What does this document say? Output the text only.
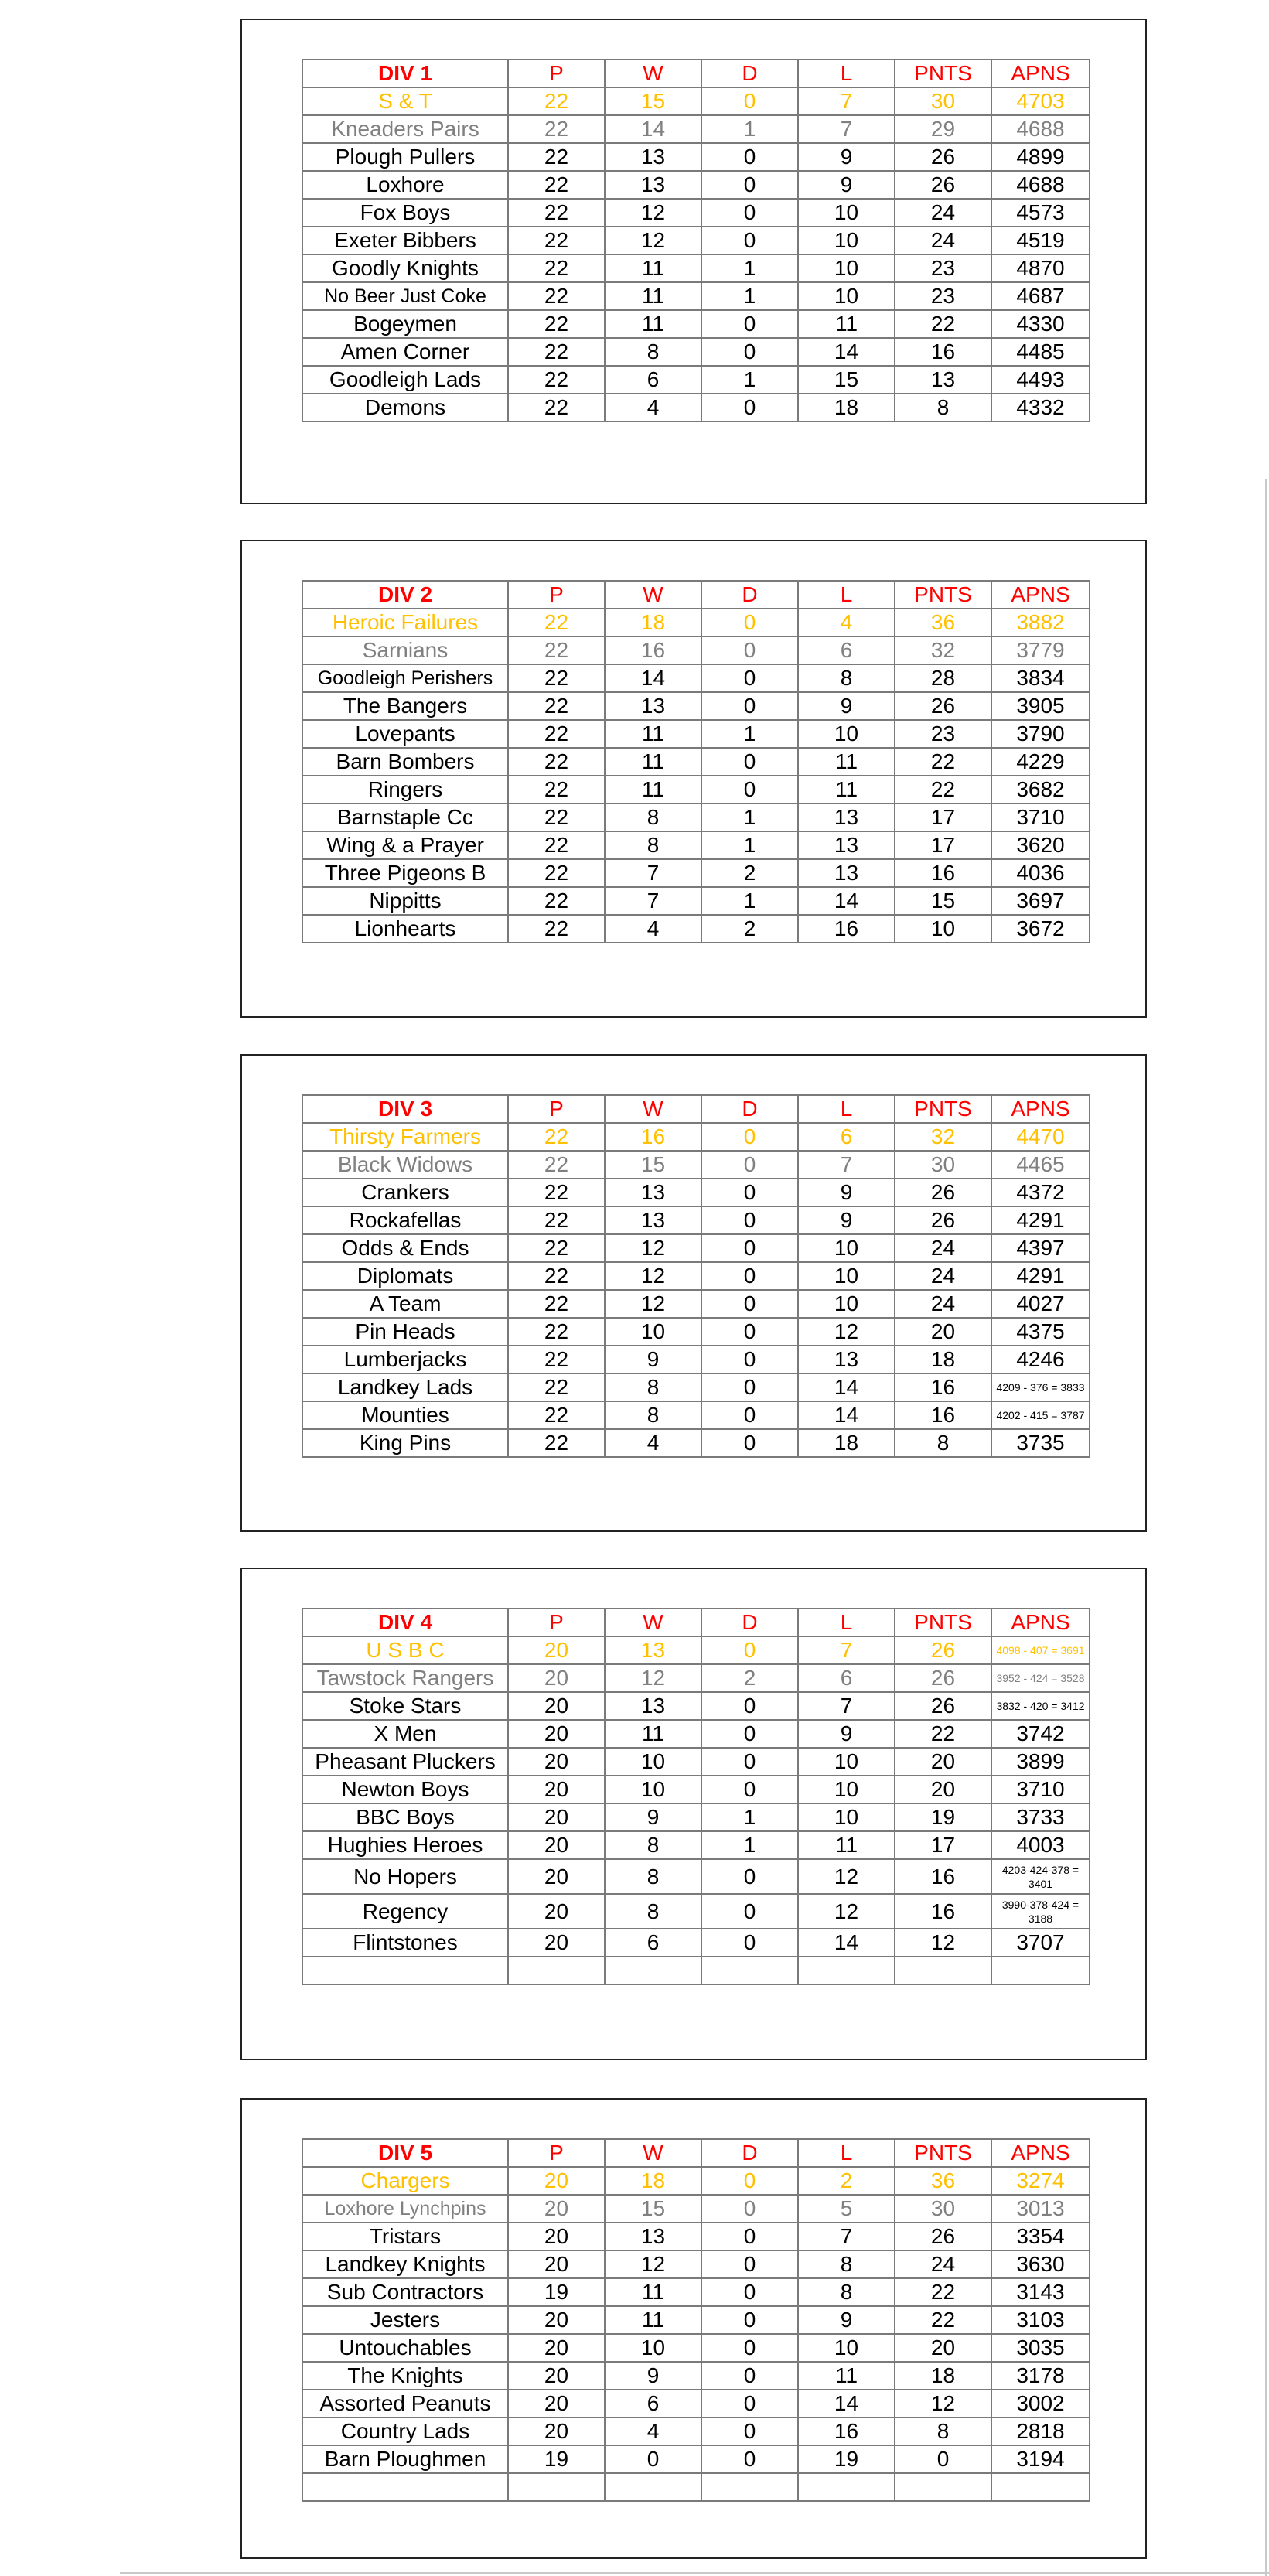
DIV 1	P	W	D	L	PNTS	APNS
S & T	22	15	0	7	30	4703
Kneaders Pairs	22	14	1	7	29	4688
Plough Pullers	22	13	0	9	26	4899
Loxhore	22	13	0	9	26	4688
Fox Boys	22	12	0	10	24	4573
Exeter Bibbers	22	12	0	10	24	4519
Goodly Knights	22	11	1	10	23	4870
No Beer Just Coke	22	11	1	10	23	4687
Bogeymen	22	11	0	11	22	4330
Amen Corner	22	8	0	14	16	4485
Goodleigh Lads	22	6	1	15	13	4493
Demons	22	4	0	18	8	4332
DIV 2	P	W	D	L	PNTS	APNS
Heroic Failures	22	18	0	4	36	3882
Sarnians	22	16	0	6	32	3779
Goodleigh Perishers	22	14	0	8	28	3834
The Bangers	22	13	0	9	26	3905
Lovepants	22	11	1	10	23	3790
Barn Bombers	22	11	0	11	22	4229
Ringers	22	11	0	11	22	3682
Barnstaple Cc	22	8	1	13	17	3710
Wing & a Prayer	22	8	1	13	17	3620
Three Pigeons B	22	7	2	13	16	4036
Nippitts	22	7	1	14	15	3697
Lionhearts	22	4	2	16	10	3672
DIV 3	P	W	D	L	PNTS	APNS
Thirsty Farmers	22	16	0	6	32	4470
Black Widows	22	15	0	7	30	4465
Crankers	22	13	0	9	26	4372
Rockafellas	22	13	0	9	26	4291
Odds & Ends	22	12	0	10	24	4397
Diplomats	22	12	0	10	24	4291
A Team	22	12	0	10	24	4027
Pin Heads	22	10	0	12	20	4375
Lumberjacks	22	9	0	13	18	4246
Landkey Lads	22	8	0	14	16	4209 - 376 = 3833
Mounties	22	8	0	14	16	4202 - 415 = 3787
King Pins	22	4	0	18	8	3735
DIV 4	P	W	D	L	PNTS	APNS
U S B C	20	13	0	7	26	4098 - 407 = 3691
Tawstock Rangers	20	12	2	6	26	3952 - 424 = 3528
Stoke Stars	20	13	0	7	26	3832 - 420 = 3412
X Men	20	11	0	9	22	3742
Pheasant Pluckers	20	10	0	10	20	3899
Newton Boys	20	10	0	10	20	3710
BBC Boys	20	9	1	10	19	3733
Hughies Heroes	20	8	1	11	17	4003
No Hopers	20	8	0	12	16	4203-424-378 = 3401
Regency	20	8	0	12	16	3990-378-424 = 3188
Flintstones	20	6	0	14	12	3707

DIV 5	P	W	D	L	PNTS	APNS
Chargers	20	18	0	2	36	3274
Loxhore Lynchpins	20	15	0	5	30	3013
Tristars	20	13	0	7	26	3354
Landkey Knights	20	12	0	8	24	3630
Sub Contractors	19	11	0	8	22	3143
Jesters	20	11	0	9	22	3103
Untouchables	20	10	0	10	20	3035
The Knights	20	9	0	11	18	3178
Assorted Peanuts	20	6	0	14	12	3002
Country Lads	20	4	0	16	8	2818
Barn Ploughmen	19	0	0	19	0	3194
